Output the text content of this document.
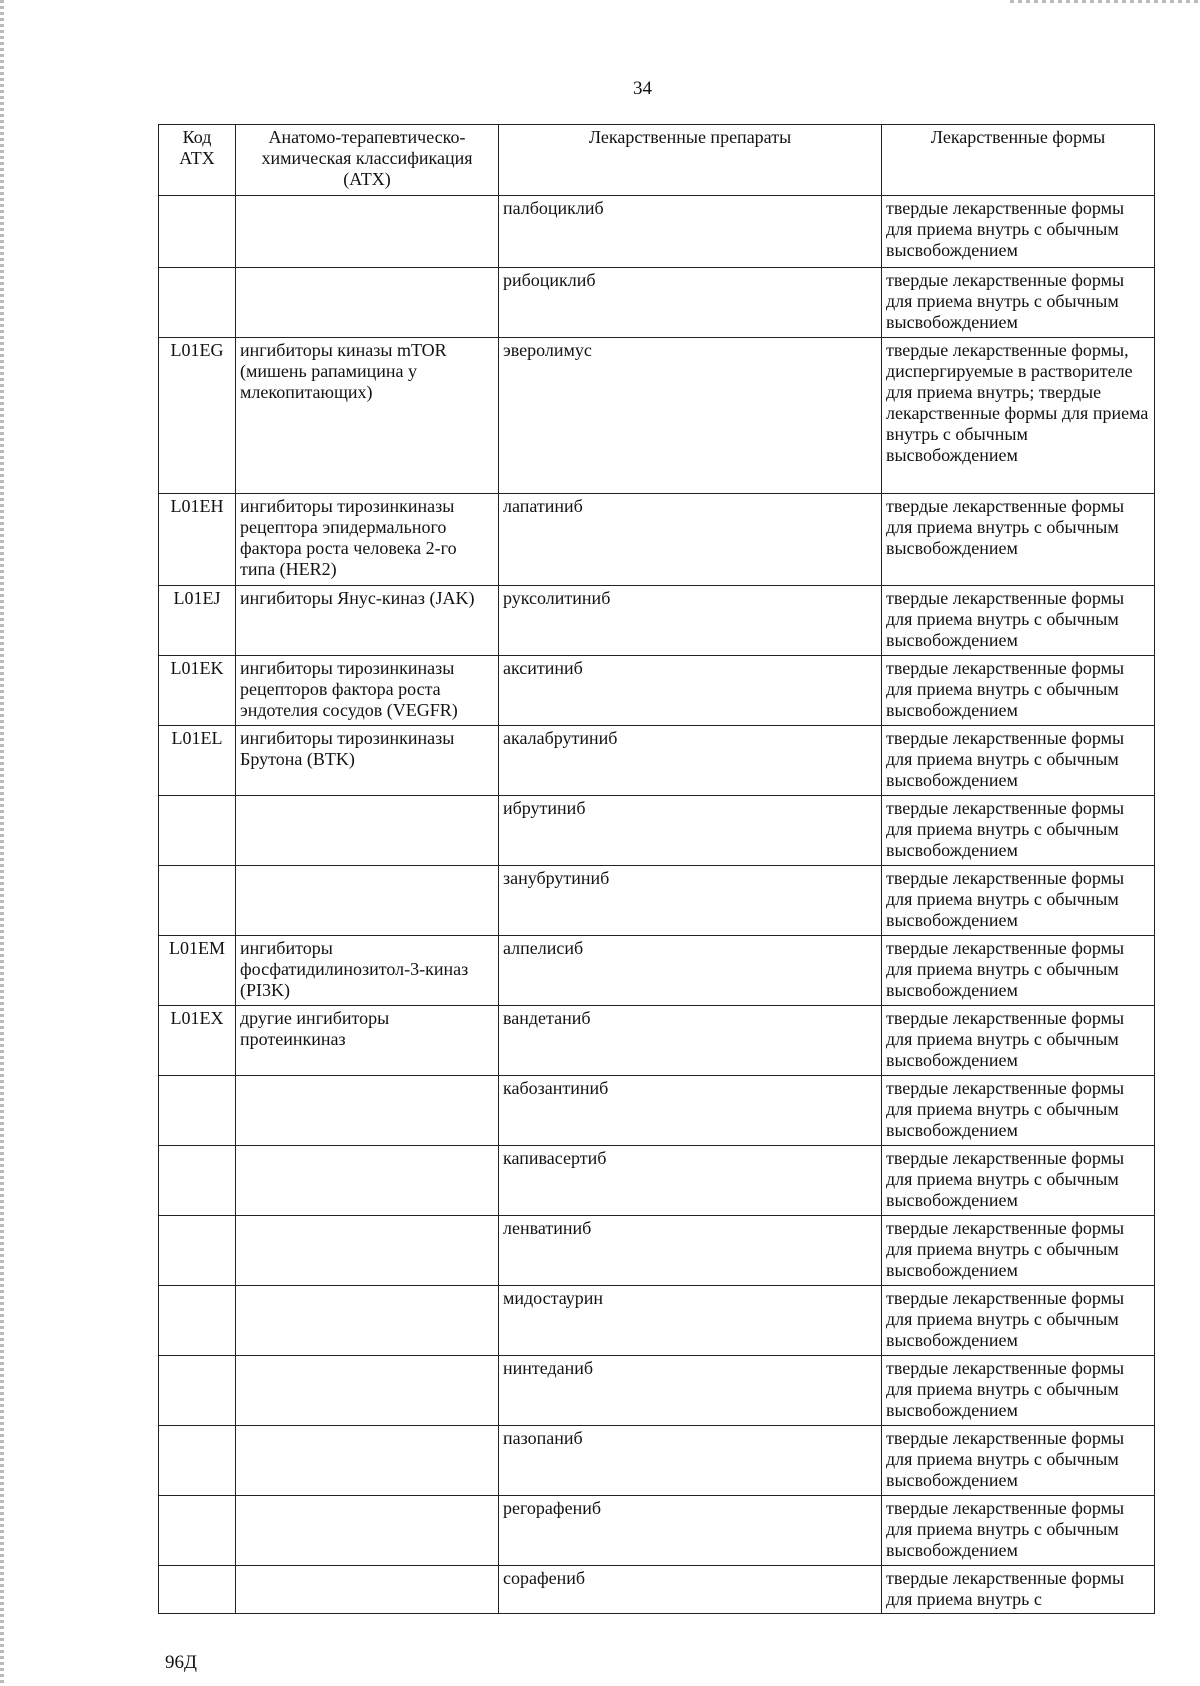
34
Код АТХ	Анатомо-терапевтическо-химическая классификация (АТХ)	Лекарственные препараты	Лекарственные формы
		палбоциклиб	твердые лекарственные формы для приема внутрь с обычным высвобождением
		рибоциклиб	твердые лекарственные формы для приема внутрь с обычным высвобождением
L01EG	ингибиторы киназы mTOR (мишень рапамицина у млекопитающих)	эверолимус	твердые лекарственные формы, диспергируемые в растворителе для приема внутрь; твердые лекарственные формы для приема внутрь с обычным высвобождением
L01EH	ингибиторы тирозинкиназы рецептора эпидермального фактора роста человека 2-го типа (HER2)	лапатиниб	твердые лекарственные формы для приема внутрь с обычным высвобождением
L01EJ	ингибиторы Янус-киназ (JAK)	руксолитиниб	твердые лекарственные формы для приема внутрь с обычным высвобождением
L01EK	ингибиторы тирозинкиназы рецепторов фактора роста эндотелия сосудов (VEGFR)	акситиниб	твердые лекарственные формы для приема внутрь с обычным высвобождением
L01EL	ингибиторы тирозинкиназы Брутона (BTK)	акалабрутиниб	твердые лекарственные формы для приема внутрь с обычным высвобождением
		ибрутиниб	твердые лекарственные формы для приема внутрь с обычным высвобождением
		занубрутиниб	твердые лекарственные формы для приема внутрь с обычным высвобождением
L01EM	ингибиторы фосфатидилинозитол-3-киназ (PI3K)	алпелисиб	твердые лекарственные формы для приема внутрь с обычным высвобождением
L01EX	другие ингибиторы протеинкиназ	вандетаниб	твердые лекарственные формы для приема внутрь с обычным высвобождением
		кабозантиниб	твердые лекарственные формы для приема внутрь с обычным высвобождением
		капивасертиб	твердые лекарственные формы для приема внутрь с обычным высвобождением
		ленватиниб	твердые лекарственные формы для приема внутрь с обычным высвобождением
		мидостаурин	твердые лекарственные формы для приема внутрь с обычным высвобождением
		нинтеданиб	твердые лекарственные формы для приема внутрь с обычным высвобождением
		пазопаниб	твердые лекарственные формы для приема внутрь с обычным высвобождением
		регорафениб	твердые лекарственные формы для приема внутрь с обычным высвобождением
		сорафениб	твердые лекарственные формы для приема внутрь с
96Д
